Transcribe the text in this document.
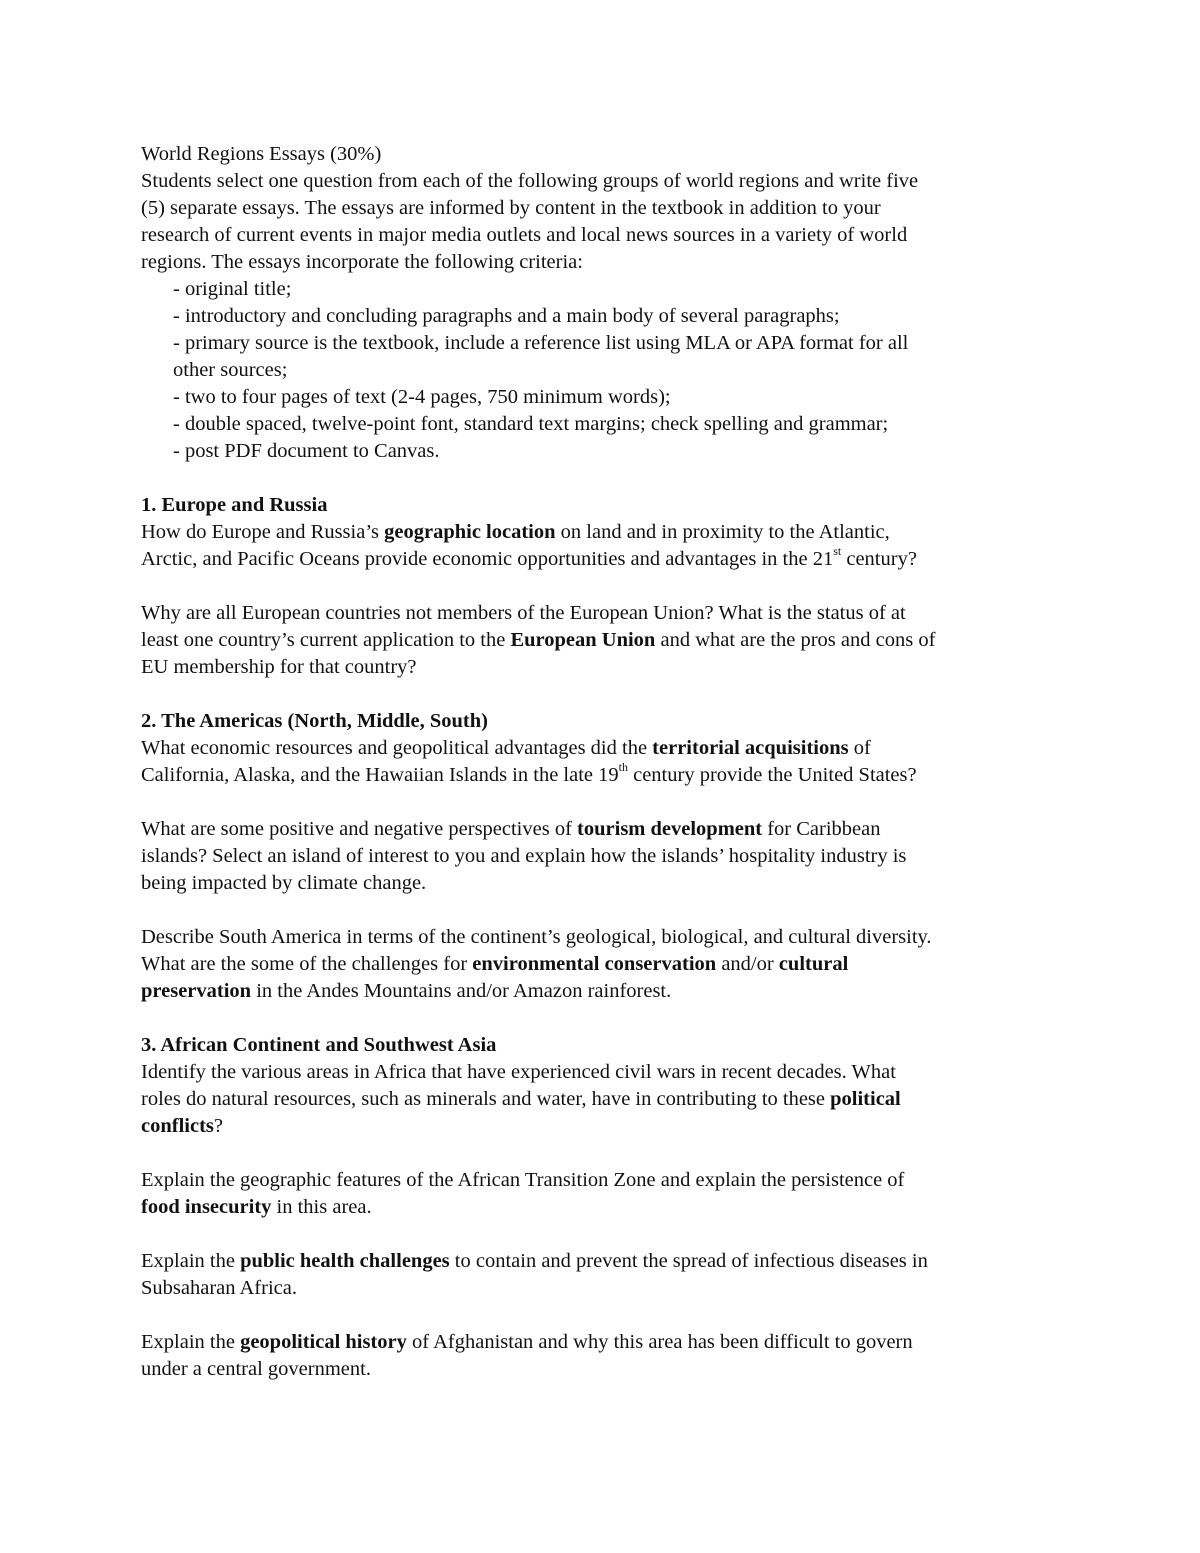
World Regions Essays (30%)
Students select one question from each of the following groups of world regions and write five
(5) separate essays. The essays are informed by content in the textbook in addition to your
research of current events in major media outlets and local news sources in a variety of world
regions. The essays incorporate the following criteria:
- original title;
- introductory and concluding paragraphs and a main body of several paragraphs;
- primary source is the textbook, include a reference list using MLA or APA format for all
other sources;
- two to four pages of text (2-4 pages, 750 minimum words);
- double spaced, twelve-point font, standard text margins; check spelling and grammar;
- post PDF document to Canvas.
1. Europe and Russia
How do Europe and Russia’s geographic location on land and in proximity to the Atlantic,
Arctic, and Pacific Oceans provide economic opportunities and advantages in the 21st century?
Why are all European countries not members of the European Union? What is the status of at
least one country’s current application to the European Union and what are the pros and cons of
EU membership for that country?
2. The Americas (North, Middle, South)
What economic resources and geopolitical advantages did the territorial acquisitions of
California, Alaska, and the Hawaiian Islands in the late 19th century provide the United States?
What are some positive and negative perspectives of tourism development for Caribbean
islands? Select an island of interest to you and explain how the islands’ hospitality industry is
being impacted by climate change.
Describe South America in terms of the continent’s geological, biological, and cultural diversity.
What are the some of the challenges for environmental conservation and/or cultural
preservation in the Andes Mountains and/or Amazon rainforest.
3. African Continent and Southwest Asia
Identify the various areas in Africa that have experienced civil wars in recent decades. What
roles do natural resources, such as minerals and water, have in contributing to these political
conflicts?
Explain the geographic features of the African Transition Zone and explain the persistence of
food insecurity in this area.
Explain the public health challenges to contain and prevent the spread of infectious diseases in
Subsaharan Africa.
Explain the geopolitical history of Afghanistan and why this area has been difficult to govern
under a central government.
